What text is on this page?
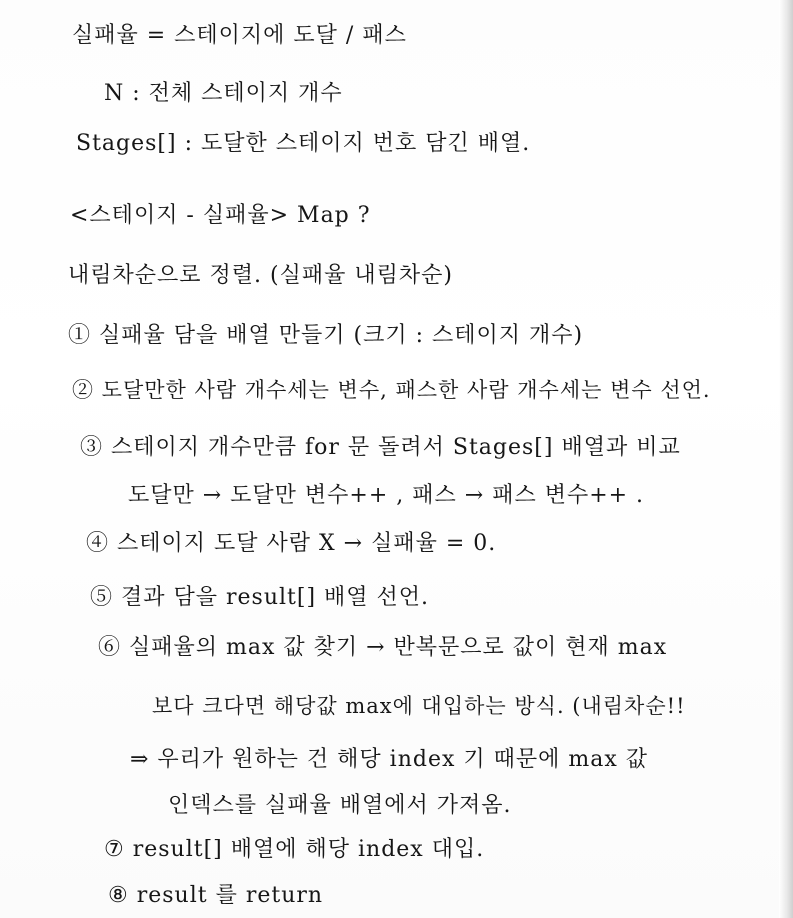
실패율 = 스테이지에 도달 / 패스
N : 전체 스테이지 개수
Stages[] : 도달한 스테이지 번호 담긴 배열.
<스테이지 - 실패율> Map ?
내림차순으로 정렬. (실패율 내림차순)
① 실패율 담을 배열 만들기 (크기 : 스테이지 개수)
② 도달만한 사람 개수세는 변수, 패스한 사람 개수세는 변수 선언.
③ 스테이지 개수만큼 for 문 돌려서 Stages[] 배열과 비교
도달만 → 도달만 변수++ , 패스 → 패스 변수++ .
④ 스테이지 도달 사람 X → 실패율 = 0.
⑤ 결과 담을 result[] 배열 선언.
⑥ 실패율의 max 값 찾기 → 반복문으로 값이 현재 max
보다 크다면 해당값 max에 대입하는 방식. (내림차순!!
⇒ 우리가 원하는 건 해당 index 기 때문에 max 값
인덱스를 실패율 배열에서 가져옴.
⑦ result[] 배열에 해당 index 대입.
⑧ result 를 return
